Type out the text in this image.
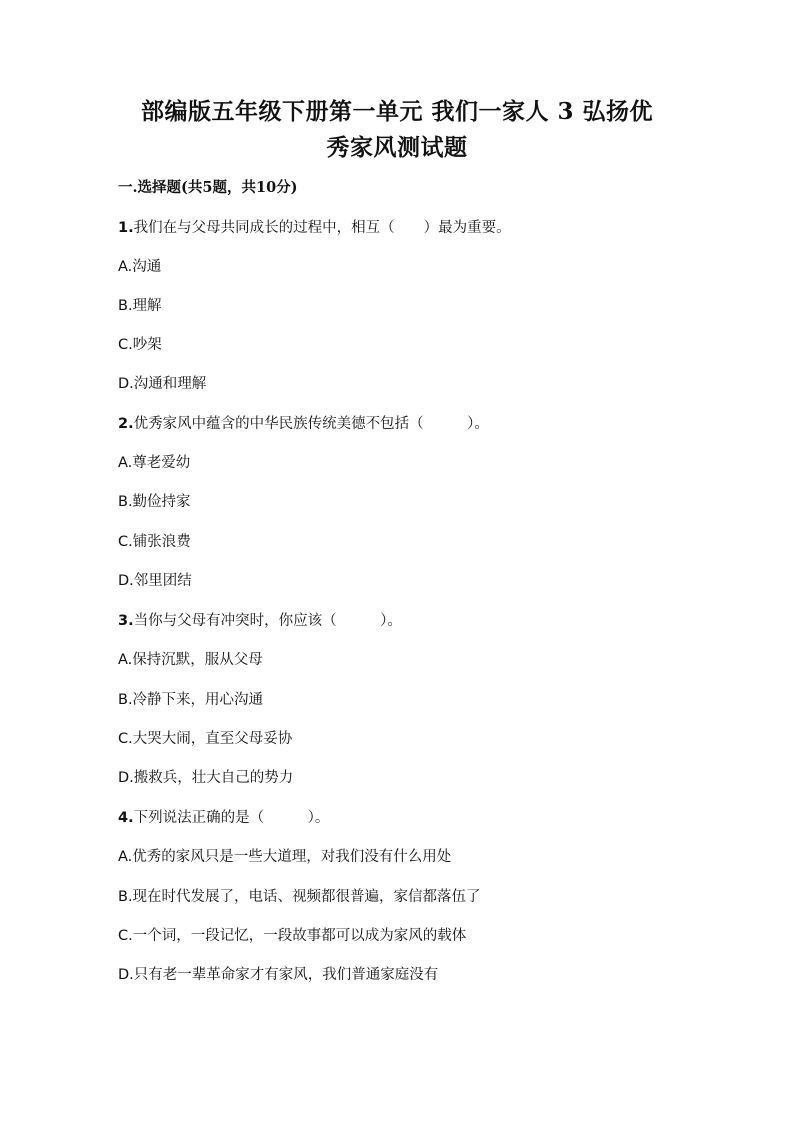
部编版五年级下册第一单元 我们一家人 3 弘扬优
秀家风测试题
一.选择题(共5题，共10分)
1.我们在与父母共同成长的过程中，相互（　　）最为重要。
A.沟通
B.理解
C.吵架
D.沟通和理解
2.优秀家风中蕴含的中华民族传统美德不包括（　　　）。
A.尊老爱幼
B.勤俭持家
C.铺张浪费
D.邻里团结
3.当你与父母有冲突时，你应该（　　　）。
A.保持沉默，服从父母
B.冷静下来，用心沟通
C.大哭大闹，直至父母妥协
D.搬救兵，壮大自己的势力
4.下列说法正确的是（　　　）。
A.优秀的家风只是一些大道理，对我们没有什么用处
B.现在时代发展了，电话、视频都很普遍，家信都落伍了
C.一个词，一段记忆，一段故事都可以成为家风的载体
D.只有老一辈革命家才有家风，我们普通家庭没有
